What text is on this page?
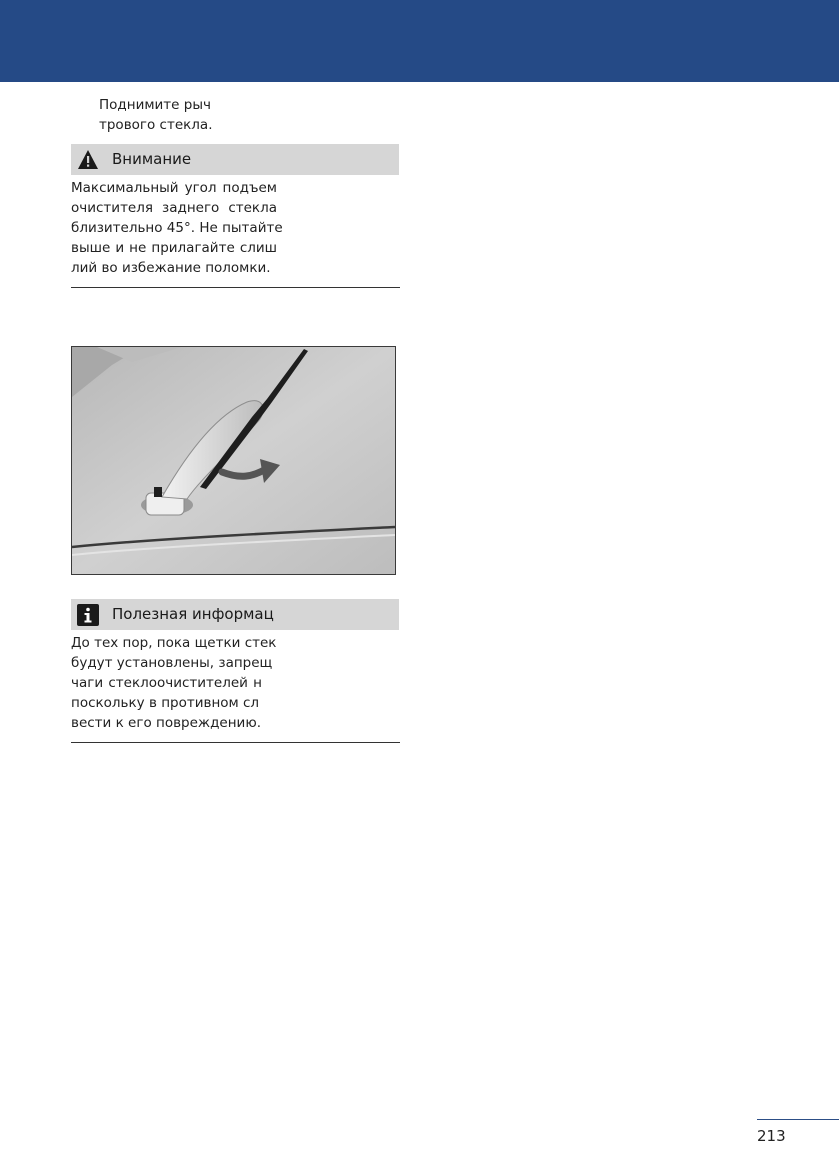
Поднимите рыч
трового стекла.
Внимание
Максимальный угол подъем
очистителя заднего стекла
близительно 45°. Не пытайте
выше и не прилагайте слиш
лий во избежание поломки.
Полезная информац
До тех пор, пока щетки стек
будут установлены, запрещ
чаги стеклоочистителей н
поскольку в противном сл
вести к его повреждению.
213
